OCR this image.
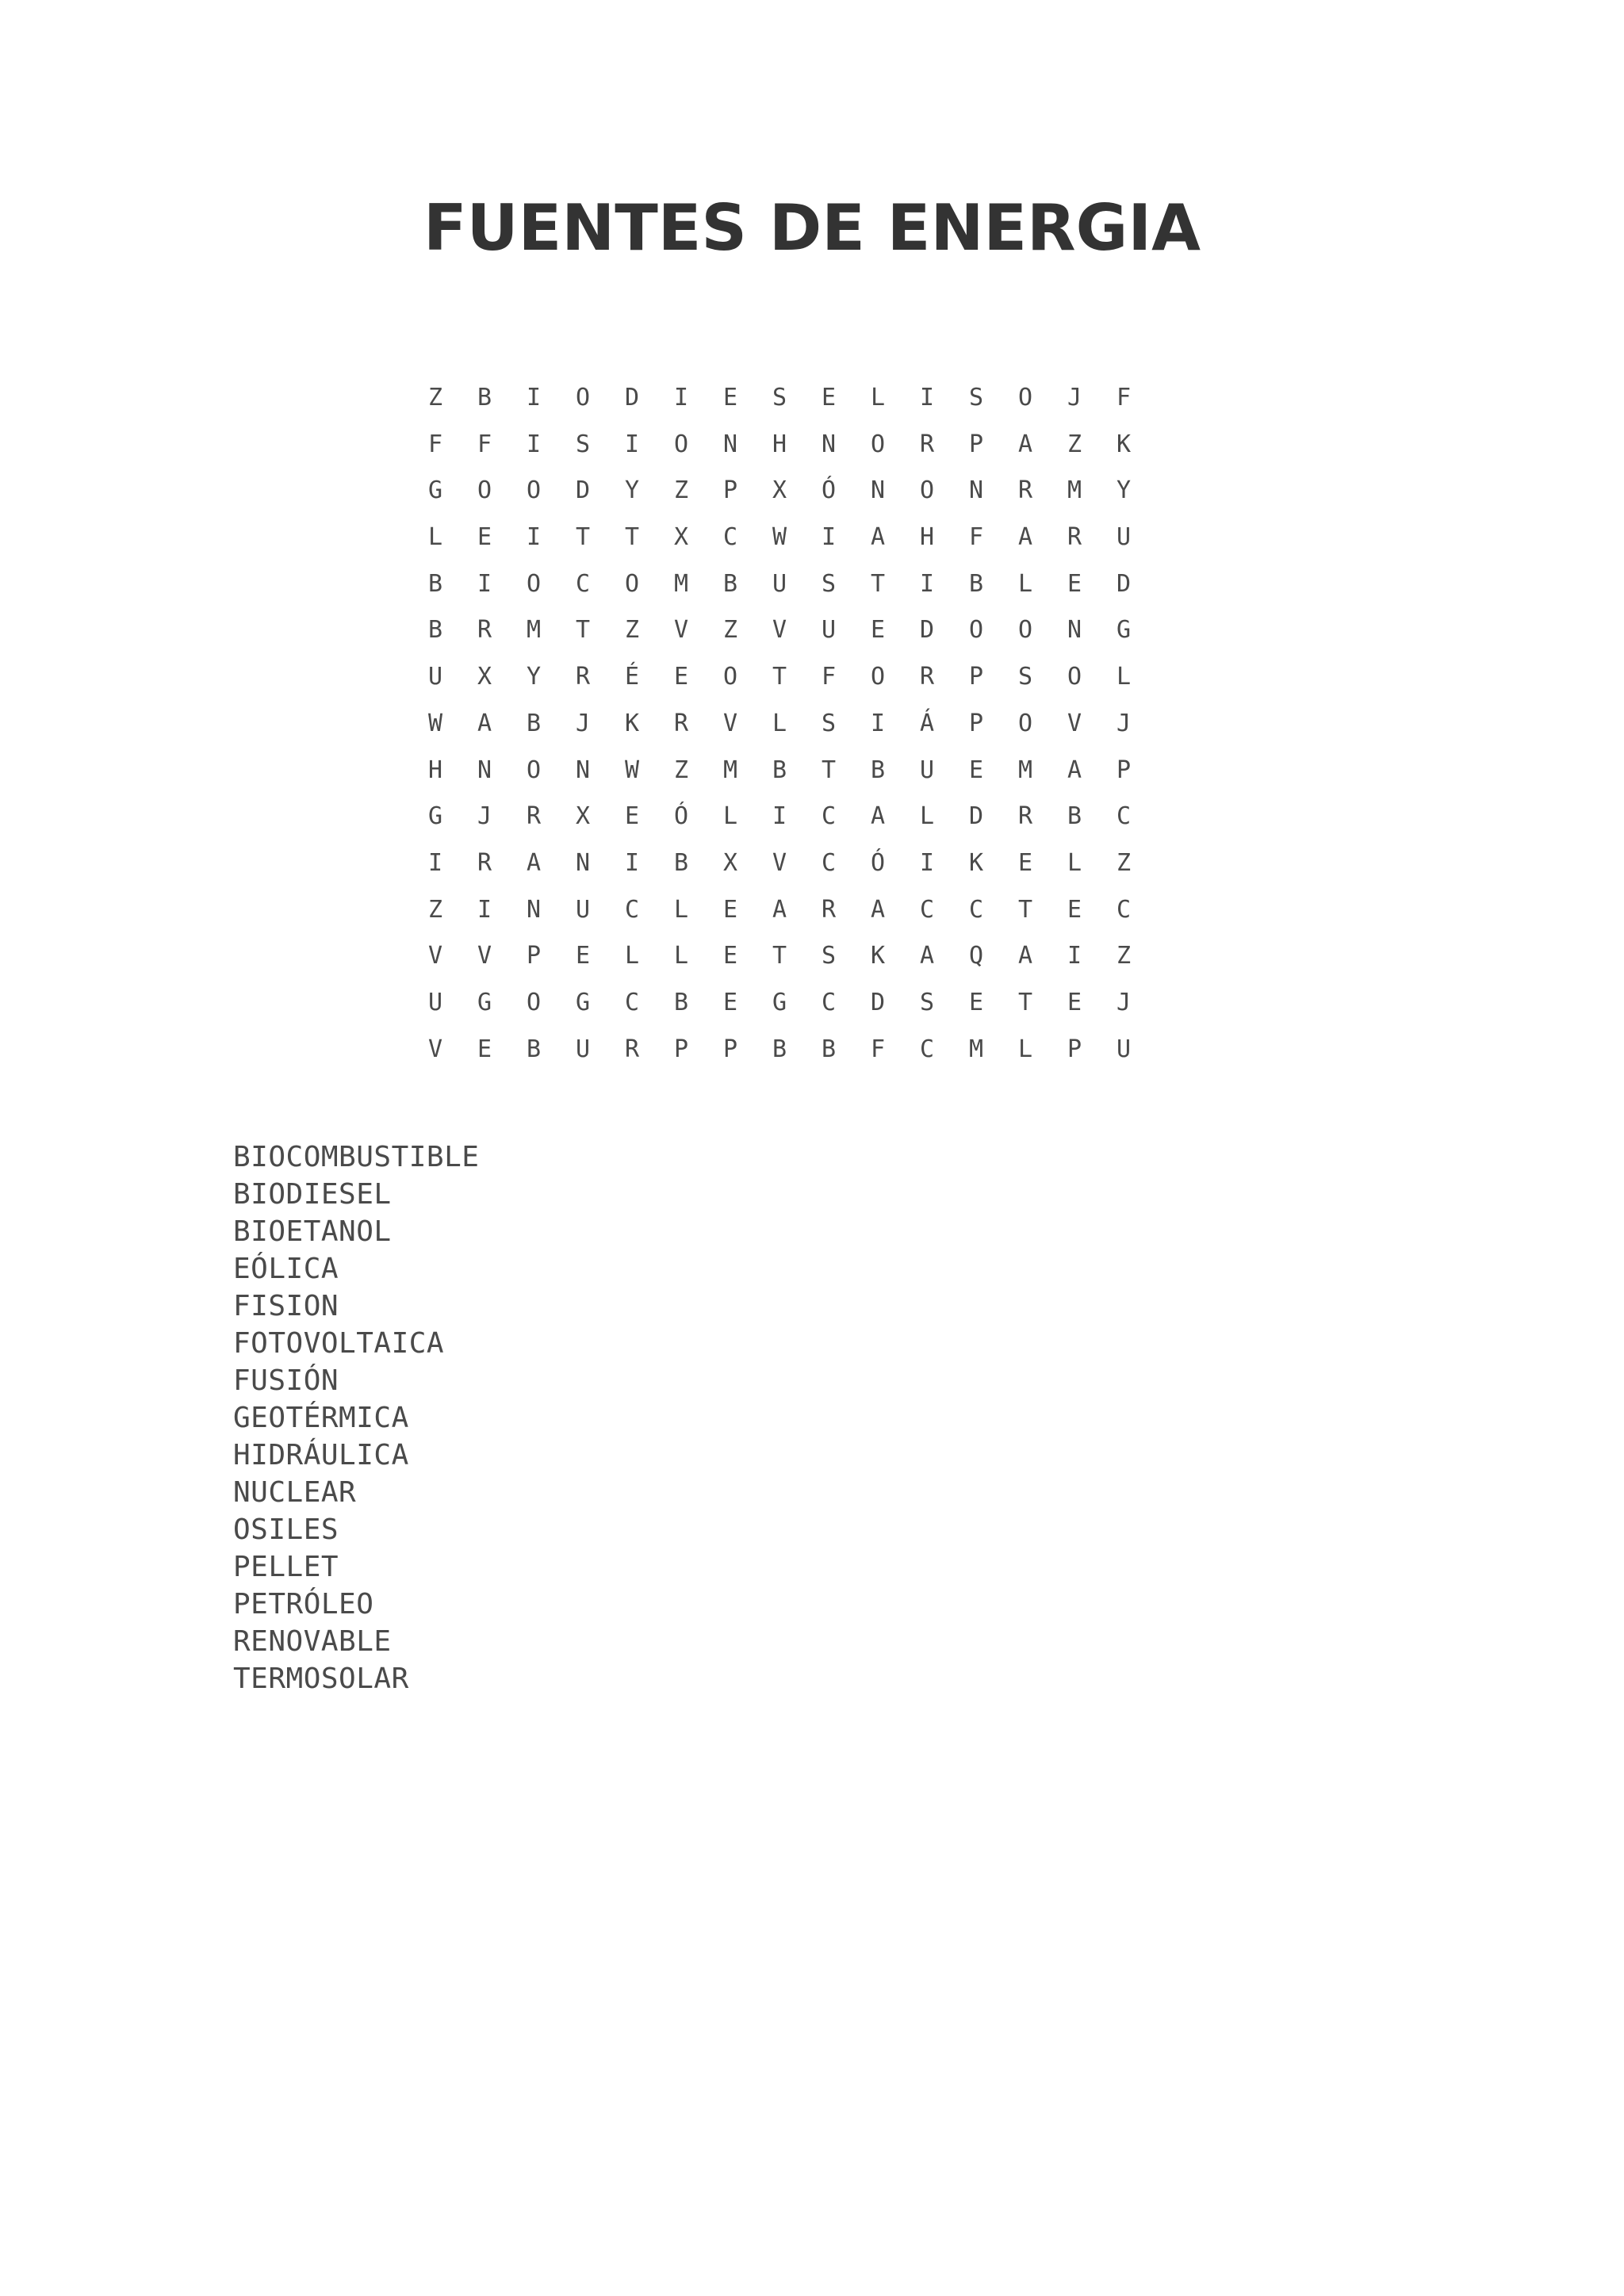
FUENTES DE ENERGIA
Z B I O D I E S E L I S O J F
F F I S I O N H N O R P A Z K
G O O D Y Z P X Ó N O N R M Y
L E I T T X C W I A H F A R U
B I O C O M B U S T I B L E D
B R M T Z V Z V U E D O O N G
U X Y R É E O T F O R P S O L
W A B J K R V L S I Á P O V J
H N O N W Z M B T B U E M A P
G J R X E Ó L I C A L D R B C
I R A N I B X V C Ó I K E L Z
Z I N U C L E A R A C C T E C
V V P E L L E T S K A Q A I Z
U G O G C B E G C D S E T E J
V E B U R P P B B F C M L P U
BIOCOMBUSTIBLE
BIODIESEL
BIOETANOL
EÓLICA
FISION
FOTOVOLTAICA
FUSIÓN
GEOTÉRMICA
HIDRÁULICA
NUCLEAR
OSILES
PELLET
PETRÓLEO
RENOVABLE
TERMOSOLAR
